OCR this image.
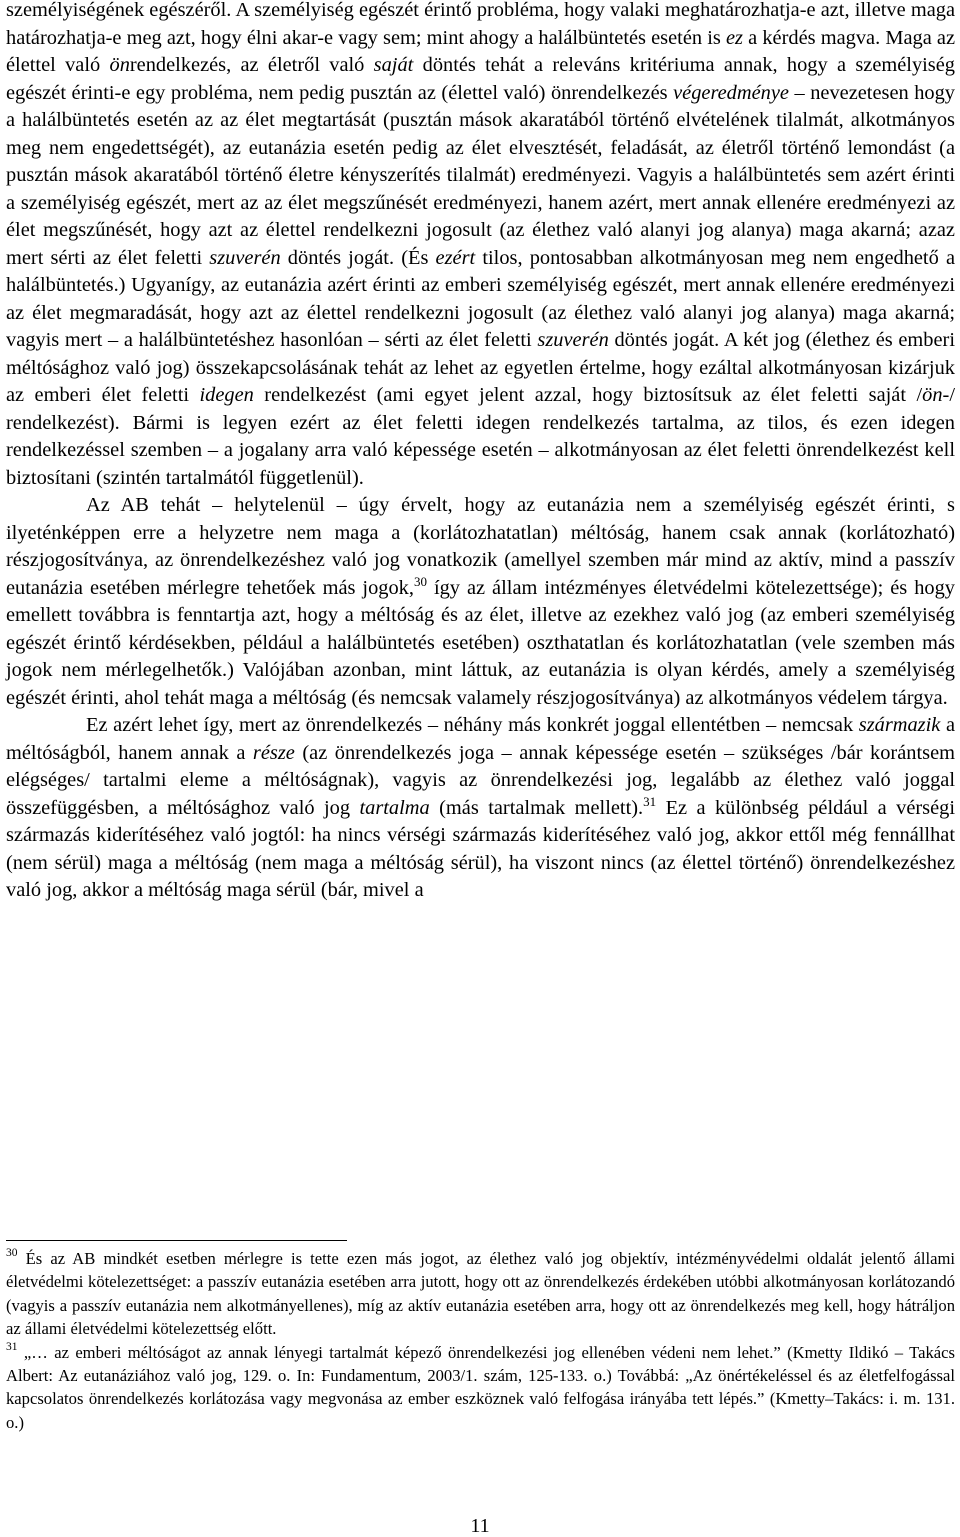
személyiségének egészéről. A személyiség egészét érintő probléma, hogy valaki meghatározhatja-e azt, illetve maga határozhatja-e meg azt, hogy élni akar-e vagy sem; mint ahogy a halálbüntetés esetén is ez a kérdés magva. Maga az élettel való önrendelkezés, az életről való saját döntés tehát a releváns kritériuma annak, hogy a személyiség egészét érinti-e egy probléma, nem pedig pusztán az (élettel való) önrendelkezés végeredménye – nevezetesen hogy a halálbüntetés esetén az az élet megtartását (pusztán mások akaratából történő elvételének tilalmát, alkotmányos meg nem engedettségét), az eutanázia esetén pedig az élet elvesztését, feladását, az életről történő lemondást (a pusztán mások akaratából történő életre kényszerítés tilalmát) eredményezi. Vagyis a halálbüntetés sem azért érinti a személyiség egészét, mert az az élet megszűnését eredményezi, hanem azért, mert annak ellenére eredményezi az élet megszűnését, hogy azt az élettel rendelkezni jogosult (az élethez való alanyi jog alanya) maga akarná; azaz mert sérti az élet feletti szuverén döntés jogát. (És ezért tilos, pontosabban alkotmányosan meg nem engedhető a halálbüntetés.) Ugyanígy, az eutanázia azért érinti az emberi személyiség egészét, mert annak ellenére eredményezi az élet megmaradását, hogy azt az élettel rendelkezni jogosult (az élethez való alanyi jog alanya) maga akarná; vagyis mert – a halálbüntetéshez hasonlóan – sérti az élet feletti szuverén döntés jogát. A két jog (élethez és emberi méltósághoz való jog) összekapcsolásának tehát az lehet az egyetlen értelme, hogy ezáltal alkotmányosan kizárjuk az emberi élet feletti idegen rendelkezést (ami egyet jelent azzal, hogy biztosítsuk az élet feletti saját /ön-/ rendelkezést). Bármi is legyen ezért az élet feletti idegen rendelkezés tartalma, az tilos, és ezen idegen rendelkezéssel szemben – a jogalany arra való képessége esetén – alkotmányosan az élet feletti önrendelkezést kell biztosítani (szintén tartalmától függetlenül).

Az AB tehát – helytelenül – úgy érvelt, hogy az eutanázia nem a személyiség egészét érinti, s ilyeténképpen erre a helyzetre nem maga a (korlátozhatatlan) méltóság, hanem csak annak (korlátozható) részjogosítványa, az önrendelkezéshez való jog vonatkozik (amellyel szemben már mind az aktív, mind a passzív eutanázia esetében mérlegre tehetőek más jogok,$^{30}$ így az állam intézményes életvédelmi kötelezettsége); és hogy emellett továbbra is fenntartja azt, hogy a méltóság és az élet, illetve az ezekhez való jog (az emberi személyiség egészét érintő kérdésekben, például a halálbüntetés esetében) oszthatatlan és korlátozhatatlan (vele szemben más jogok nem mérlegelhetők.) Valójában azonban, mint láttuk, az eutanázia is olyan kérdés, amely a személyiség egészét érinti, ahol tehát maga a méltóság (és nemcsak valamely részjogosítványa) az alkotmányos védelem tárgya.

Ez azért lehet így, mert az önrendelkezés – néhány más konkrét joggal ellentétben – nemcsak származik a méltóságból, hanem annak a része (az önrendelkezés joga – annak képessége esetén – szükséges /bár korántsem elégséges/ tartalmi eleme a méltóságnak), vagyis az önrendelkezési jog, legalább az élethez való joggal összefüggésben, a méltósághoz való jog tartalma (más tartalmak mellett).$^{31}$ Ez a különbség például a vérségi származás kiderítéséhez való jogtól: ha nincs vérségi származás kiderítéséhez való jog, akkor ettől még fennállhat (nem sérül) maga a méltóság (nem maga a méltóság sérül), ha viszont nincs (az élettel történő) önrendelkezéshez való jog, akkor a méltóság maga sérül (bár, mivel a

$^{30}$ És az AB mindkét esetben mérlegre is tette ezen más jogot, az élethez való jog objektív, intézményvédelmi oldalát jelentő állami életvédelmi kötelezettséget: a passzív eutanázia esetében arra jutott, hogy ott az önrendelkezés érdekében utóbbi alkotmányosan korlátozandó (vagyis a passzív eutanázia nem alkotmányellenes), míg az aktív eutanázia esetében arra, hogy ott az önrendelkezés meg kell, hogy hátráljon az állami életvédelmi kötelezettség előtt.

$^{31}$ „… az emberi méltóságot az annak lényegi tartalmát képező önrendelkezési jog ellenében védeni nem lehet.” (Kmetty Ildikó – Takács Albert: Az eutanáziához való jog, 129. o. In: Fundamentum, 2003/1. szám, 125-133. o.) Továbbá: „Az önértékeléssel és az életfelfogással kapcsolatos önrendelkezés korlátozása vagy megvonása az ember eszköznek való felfogása irányába tett lépés.” (Kmetty–Takács: i. m. 131. o.)

11
